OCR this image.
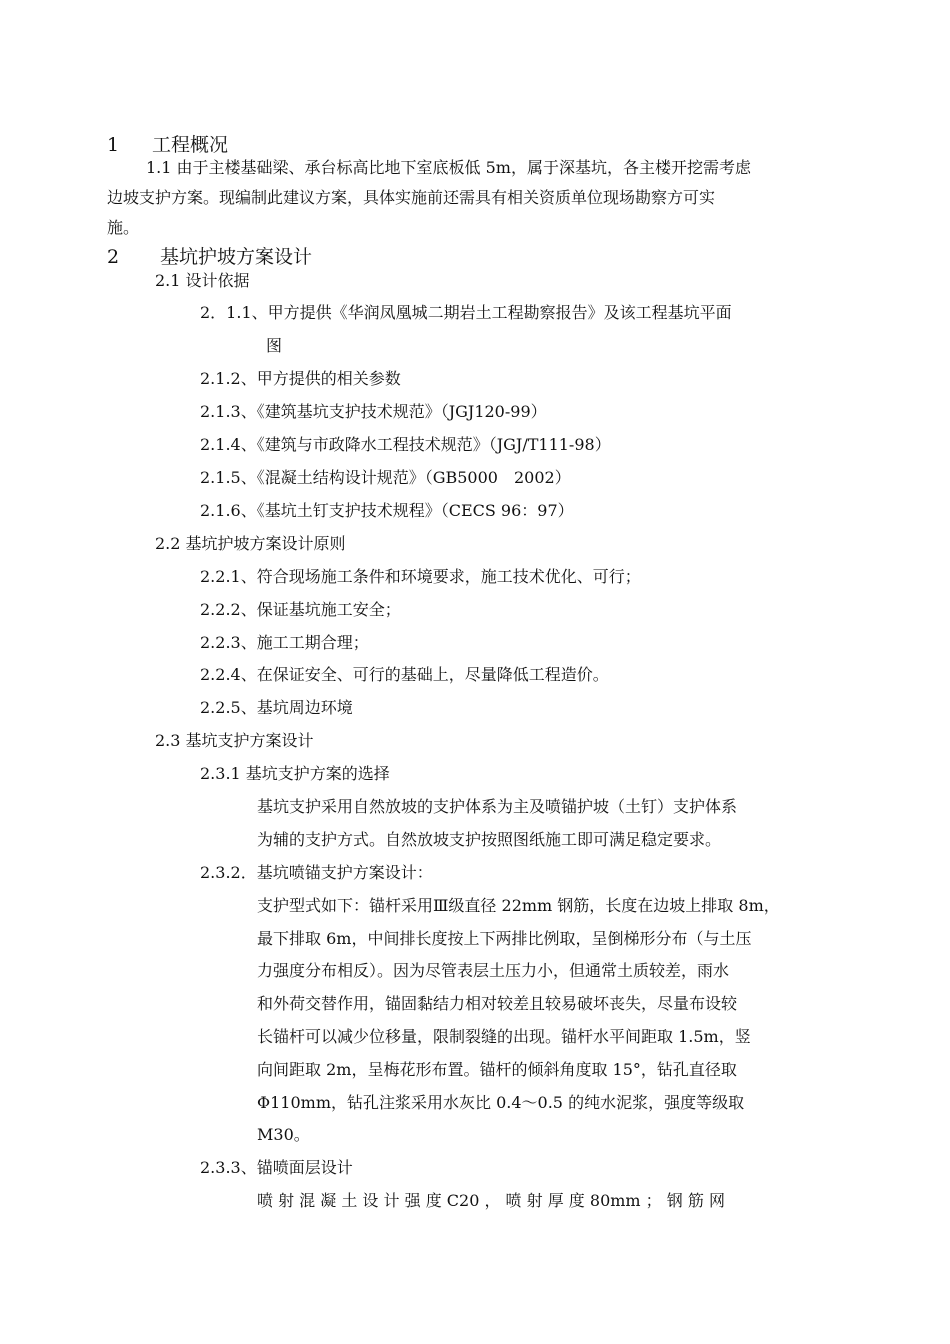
1 工程概况
1.1 由于主楼基础梁、承台标高比地下室底板低 5m，属于深基坑，各主楼开挖需考虑
边坡支护方案。现编制此建议方案，具体实施前还需具有相关资质单位现场勘察方可实
施。
2 基坑护坡方案设计
2.1 设计依据
2．1.1、甲方提供《华润凤凰城二期岩土工程勘察报告》及该工程基坑平面
图
2.1.2、甲方提供的相关参数
2.1.3、《建筑基坑支护技术规范》（JGJ120-99）
2.1.4、《建筑与市政降水工程技术规范》（JGJ/T111-98）
2.1.5、《混凝土结构设计规范》（GB5000　2002）
2.1.6、《基坑土钉支护技术规程》（CECS 96：97）
2.2 基坑护坡方案设计原则
2.2.1、符合现场施工条件和环境要求，施工技术优化、可行；
2.2.2、保证基坑施工安全；
2.2.3、施工工期合理；
2.2.4、在保证安全、可行的基础上，尽量降低工程造价。
2.2.5、基坑周边环境
2.3 基坑支护方案设计
2.3.1 基坑支护方案的选择
基坑支护采用自然放坡的支护体系为主及喷锚护坡（土钉）支护体系
为辅的支护方式。自然放坡支护按照图纸施工即可满足稳定要求。
2.3.2．基坑喷锚支护方案设计：
支护型式如下：锚杆采用Ⅲ级直径 22mm 钢筋，长度在边坡上排取 8m，
最下排取 6m，中间排长度按上下两排比例取，呈倒梯形分布（与土压
力强度分布相反）。因为尽管表层土压力小，但通常土质较差，雨水
和外荷交替作用，锚固黏结力相对较差且较易破坏丧失，尽量布设较
长锚杆可以减少位移量，限制裂缝的出现。锚杆水平间距取 1.5m，竖
向间距取 2m，呈梅花形布置。锚杆的倾斜角度取 15°，钻孔直径取
Φ110mm，钻孔注浆采用水灰比 0.4～0.5 的纯水泥浆，强度等级取
M30。
2.3.3、锚喷面层设计
喷 射 混 凝 土 设 计 强 度 C20 ， 喷 射 厚 度 80mm ； 钢 筋 网
